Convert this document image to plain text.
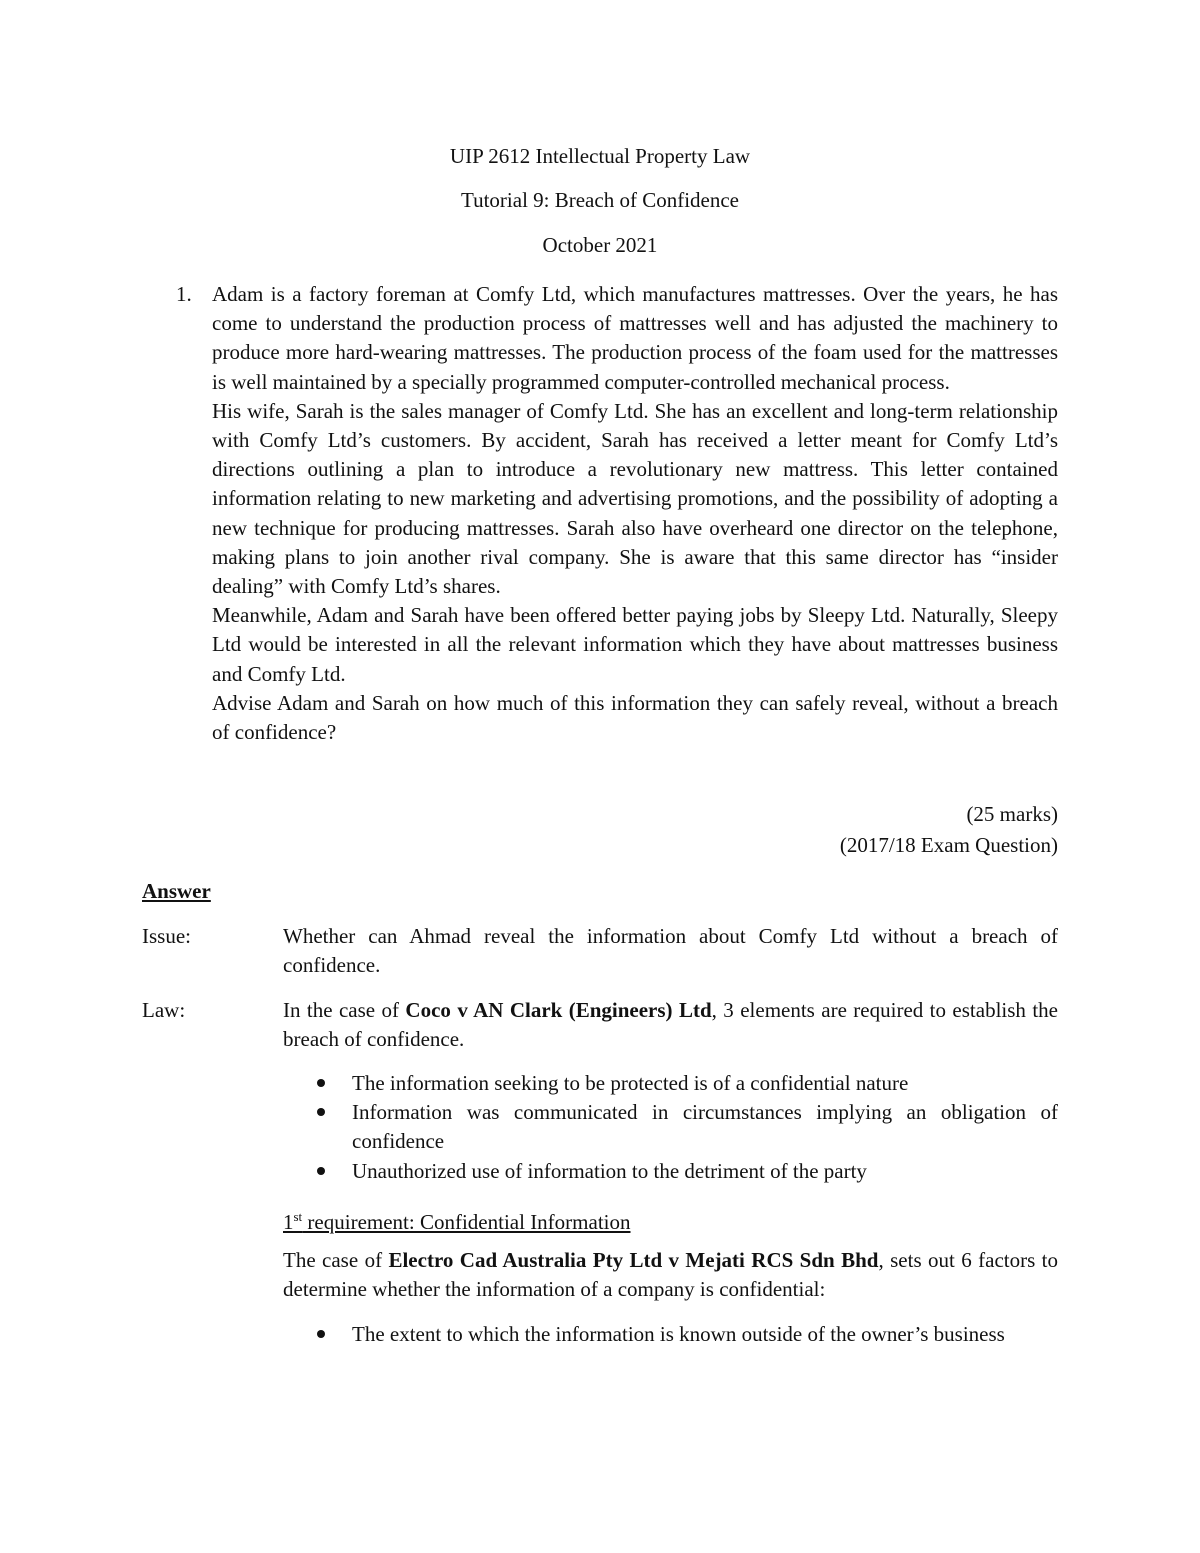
UIP 2612 Intellectual Property Law
Tutorial 9: Breach of Confidence
October 2021
1. Adam is a factory foreman at Comfy Ltd, which manufactures mattresses. Over the years, he has come to understand the production process of mattresses well and has adjusted the machinery to produce more hard-wearing mattresses. The production process of the foam used for the mattresses is well maintained by a specially programmed computer-controlled mechanical process.

His wife, Sarah is the sales manager of Comfy Ltd. She has an excellent and long-term relationship with Comfy Ltd’s customers. By accident, Sarah has received a letter meant for Comfy Ltd’s directions outlining a plan to introduce a revolutionary new mattress. This letter contained information relating to new marketing and advertising promotions, and the possibility of adopting a new technique for producing mattresses. Sarah also have overheard one director on the telephone, making plans to join another rival company. She is aware that this same director has “insider dealing” with Comfy Ltd’s shares.

Meanwhile, Adam and Sarah have been offered better paying jobs by Sleepy Ltd. Naturally, Sleepy Ltd would be interested in all the relevant information which they have about mattresses business and Comfy Ltd.

Advise Adam and Sarah on how much of this information they can safely reveal, without a breach of confidence?

(25 marks)
(2017/18 Exam Question)
Answer
Issue:	Whether can Ahmad reveal the information about Comfy Ltd without a breach of confidence.
Law:	In the case of Coco v AN Clark (Engineers) Ltd, 3 elements are required to establish the breach of confidence.
The information seeking to be protected is of a confidential nature
Information was communicated in circumstances implying an obligation of confidence
Unauthorized use of information to the detriment of the party
1st requirement: Confidential Information
The case of Electro Cad Australia Pty Ltd v Mejati RCS Sdn Bhd, sets out 6 factors to determine whether the information of a company is confidential:
The extent to which the information is known outside of the owner’s business
